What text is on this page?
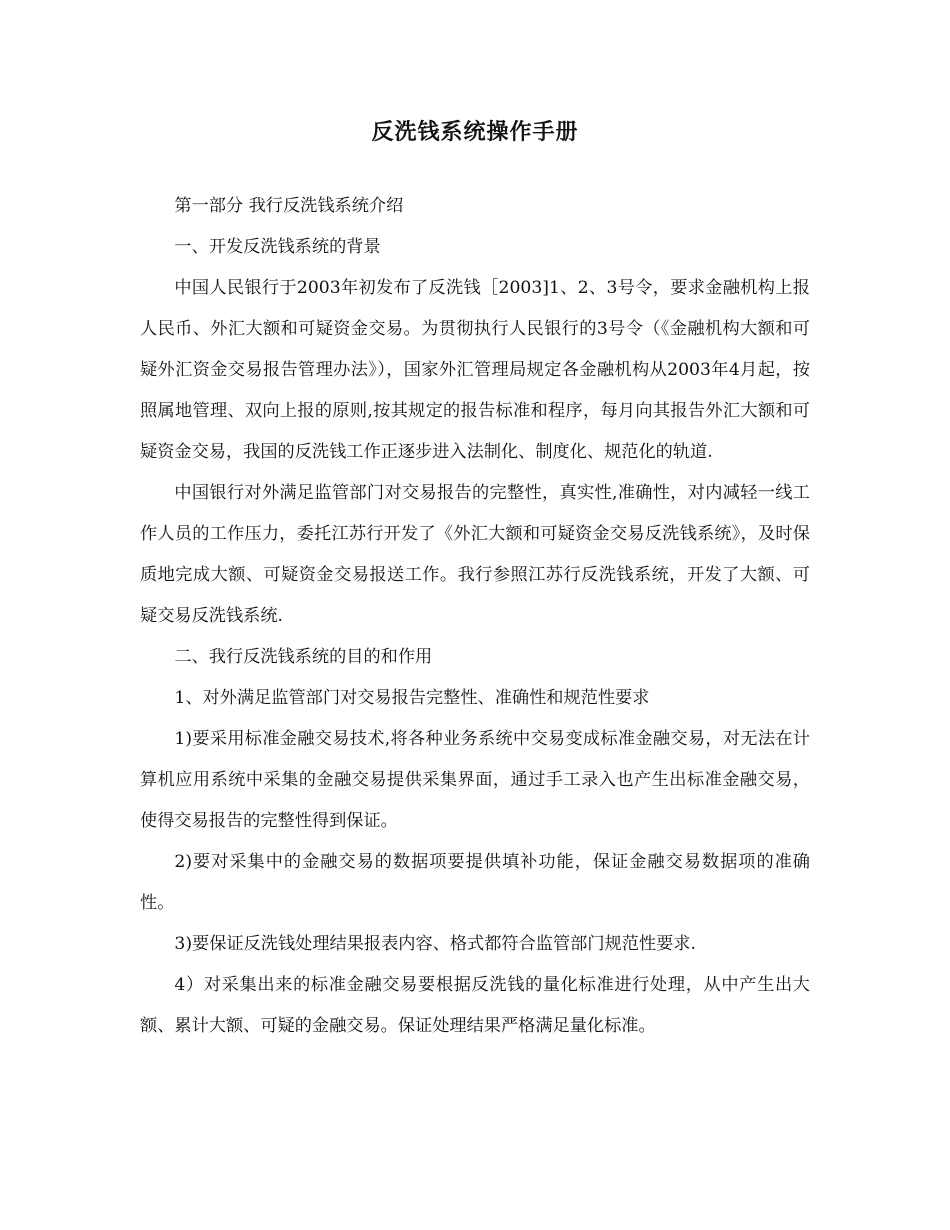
反洗钱系统操作手册

第一部分 我行反洗钱系统介绍

一、开发反洗钱系统的背景

中国人民银行于2003年初发布了反洗钱［2003]1、2、3号令，要求金融机构上报人民币、外汇大额和可疑资金交易。为贯彻执行人民银行的3号令（《金融机构大额和可疑外汇资金交易报告管理办法》），国家外汇管理局规定各金融机构从2003年4月起，按照属地管理、双向上报的原则,按其规定的报告标准和程序，每月向其报告外汇大额和可疑资金交易，我国的反洗钱工作正逐步进入法制化、制度化、规范化的轨道.

中国银行对外满足监管部门对交易报告的完整性，真实性,准确性，对内减轻一线工作人员的工作压力，委托江苏行开发了《外汇大额和可疑资金交易反洗钱系统》，及时保质地完成大额、可疑资金交易报送工作。我行参照江苏行反洗钱系统，开发了大额、可疑交易反洗钱系统.

二、我行反洗钱系统的目的和作用

1、对外满足监管部门对交易报告完整性、准确性和规范性要求

1)要采用标准金融交易技术,将各种业务系统中交易变成标准金融交易，对无法在计算机应用系统中采集的金融交易提供采集界面，通过手工录入也产生出标准金融交易，使得交易报告的完整性得到保证。

2)要对采集中的金融交易的数据项要提供填补功能，保证金融交易数据项的准确性。

3)要保证反洗钱处理结果报表内容、格式都符合监管部门规范性要求.

4）对采集出来的标准金融交易要根据反洗钱的量化标准进行处理，从中产生出大额、累计大额、可疑的金融交易。保证处理结果严格满足量化标准。
